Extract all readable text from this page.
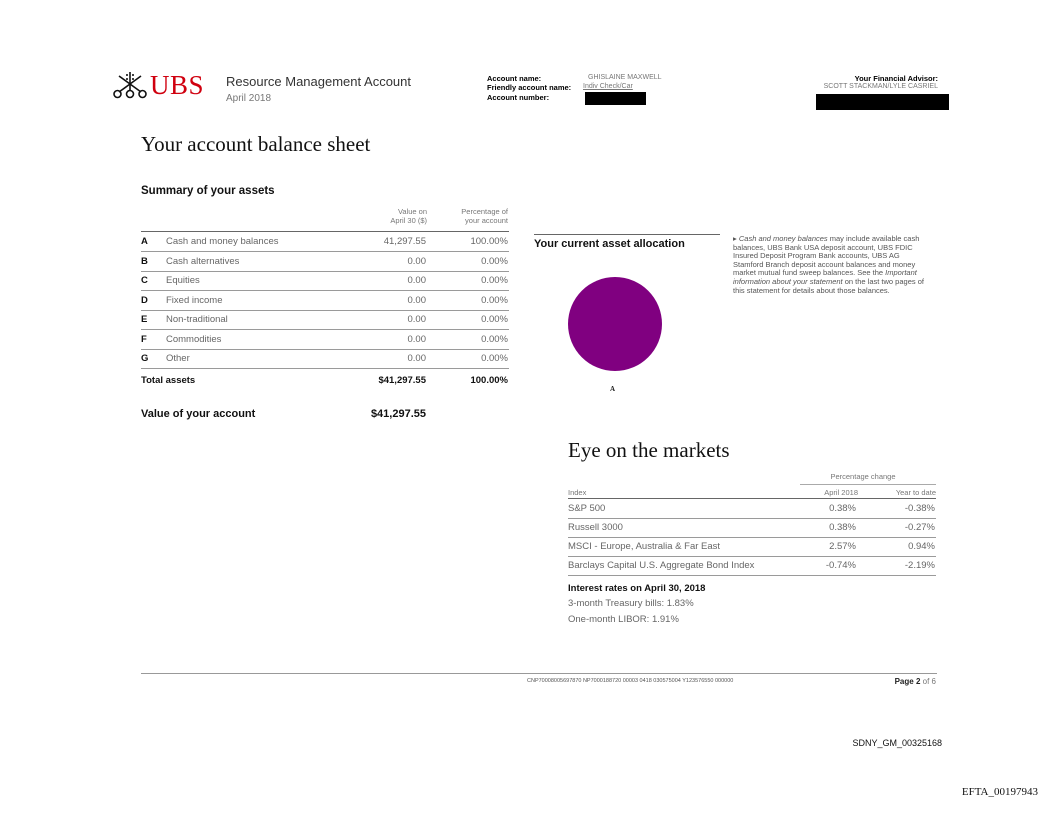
UBS Resource Management Account
April 2018
Account name:	GHISLAINE MAXWELL
Friendly account name: Indiv Check/Car
Account number:
Your Financial Advisor:
SCOTT STACKMAN/LYLE CASRIEL
Your account balance sheet
Summary of your assets
Value on
April 30 ($)
Percentage of
your account
A Cash and money balances	41,297.55	100.00%
B Cash alternatives	0.00	0.00%
C Equities	0.00	0.00%
D Fixed income	0.00	0.00%
E Non-traditional	0.00	0.00%
F Commodities	0.00	0.00%
G Other	0.00	0.00%
Total assets	$41,297.55	100.00%
Value of your account	$41,297.55
Your current asset allocation
A
▸ Cash and money balances may include available cash balances, UBS Bank USA deposit account, UBS FDIC Insured Deposit Program Bank accounts, UBS AG Stamford Branch deposit account balances and money market mutual fund sweep balances. See the Important information about your statement on the last two pages of this statement for details about those balances.
Eye on the markets
Percentage change
Index	April 2018	Year to date
S&P 500	0.38%	-0.38%
Russell 3000	0.38%	-0.27%
MSCI - Europe, Australia & Far East	2.57%	0.94%
Barclays Capital U.S. Aggregate Bond Index	-0.74%	-2.19%
Interest rates on April 30, 2018
3-month Treasury bills: 1.83%
One-month LIBOR: 1.91%
CNP70008005697870 NP7000188720 00003 0418 030575004 Y123576550 000000	Page 2 of 6
SDNY_GM_00325168
EFTA_00197943
